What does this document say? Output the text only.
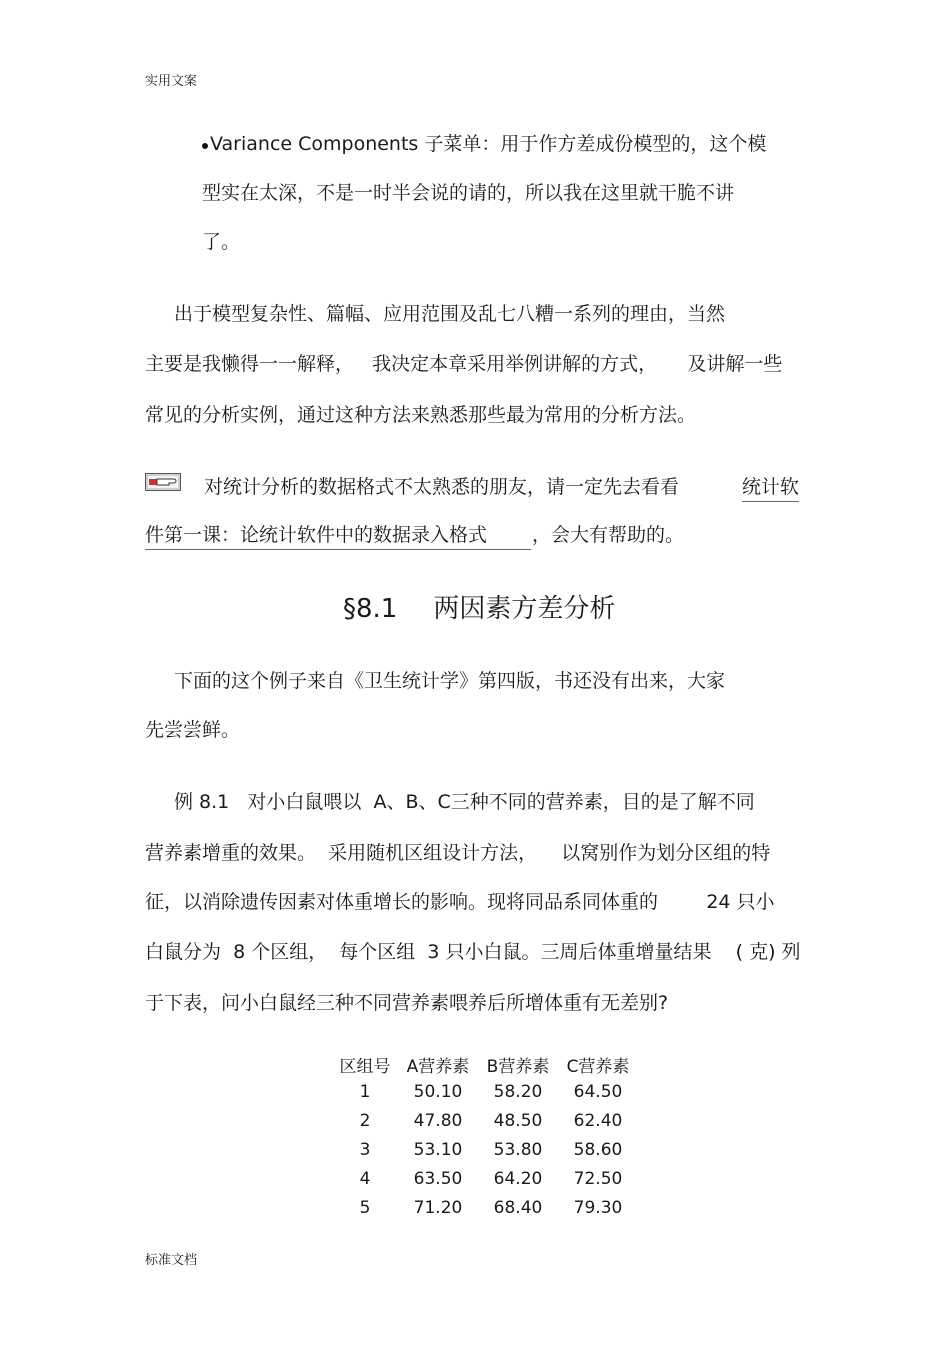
实用文案
Variance Components 子菜单：用于作方差成份模型的，这个模
型实在太深，不是一时半会说的请的，所以我在这里就干脆不讲
了。
出于模型复杂性、篇幅、应用范围及乱七八糟一系列的理由，当然
主要是我懒得一一解释，   我决定本章采用举例讲解的方式，     及讲解一些
常见的分析实例，通过这种方法来熟悉那些最为常用的分析方法。
对统计分析的数据格式不太熟悉的朋友，请一定先去看看	统计软
件第一课：论统计软件中的数据录入格式	，会大有帮助的。
§8.1 两因素方差分析
下面的这个例子来自《卫生统计学》第四版，书还没有出来，大家
先尝尝鲜。
例 8.1   对小白鼠喂以  A、B、C三种不同的营养素，目的是了解不同
营养素增重的效果。  采用随机区组设计方法，    以窝别作为划分区组的特
征，以消除遗传因素对体重增长的影响。现将同品系同体重的        24 只小
白鼠分为  8 个区组，  每个区组  3 只小白鼠。三周后体重增量结果    ( 克) 列
于下表，问小白鼠经三种不同营养素喂养后所增体重有无差别?
区组号	A营养素	B营养素	C营养素
1	50.10	58.20	64.50
2	47.80	48.50	62.40
3	53.10	53.80	58.60
4	63.50	64.20	72.50
5	71.20	68.40	79.30
标准文档
